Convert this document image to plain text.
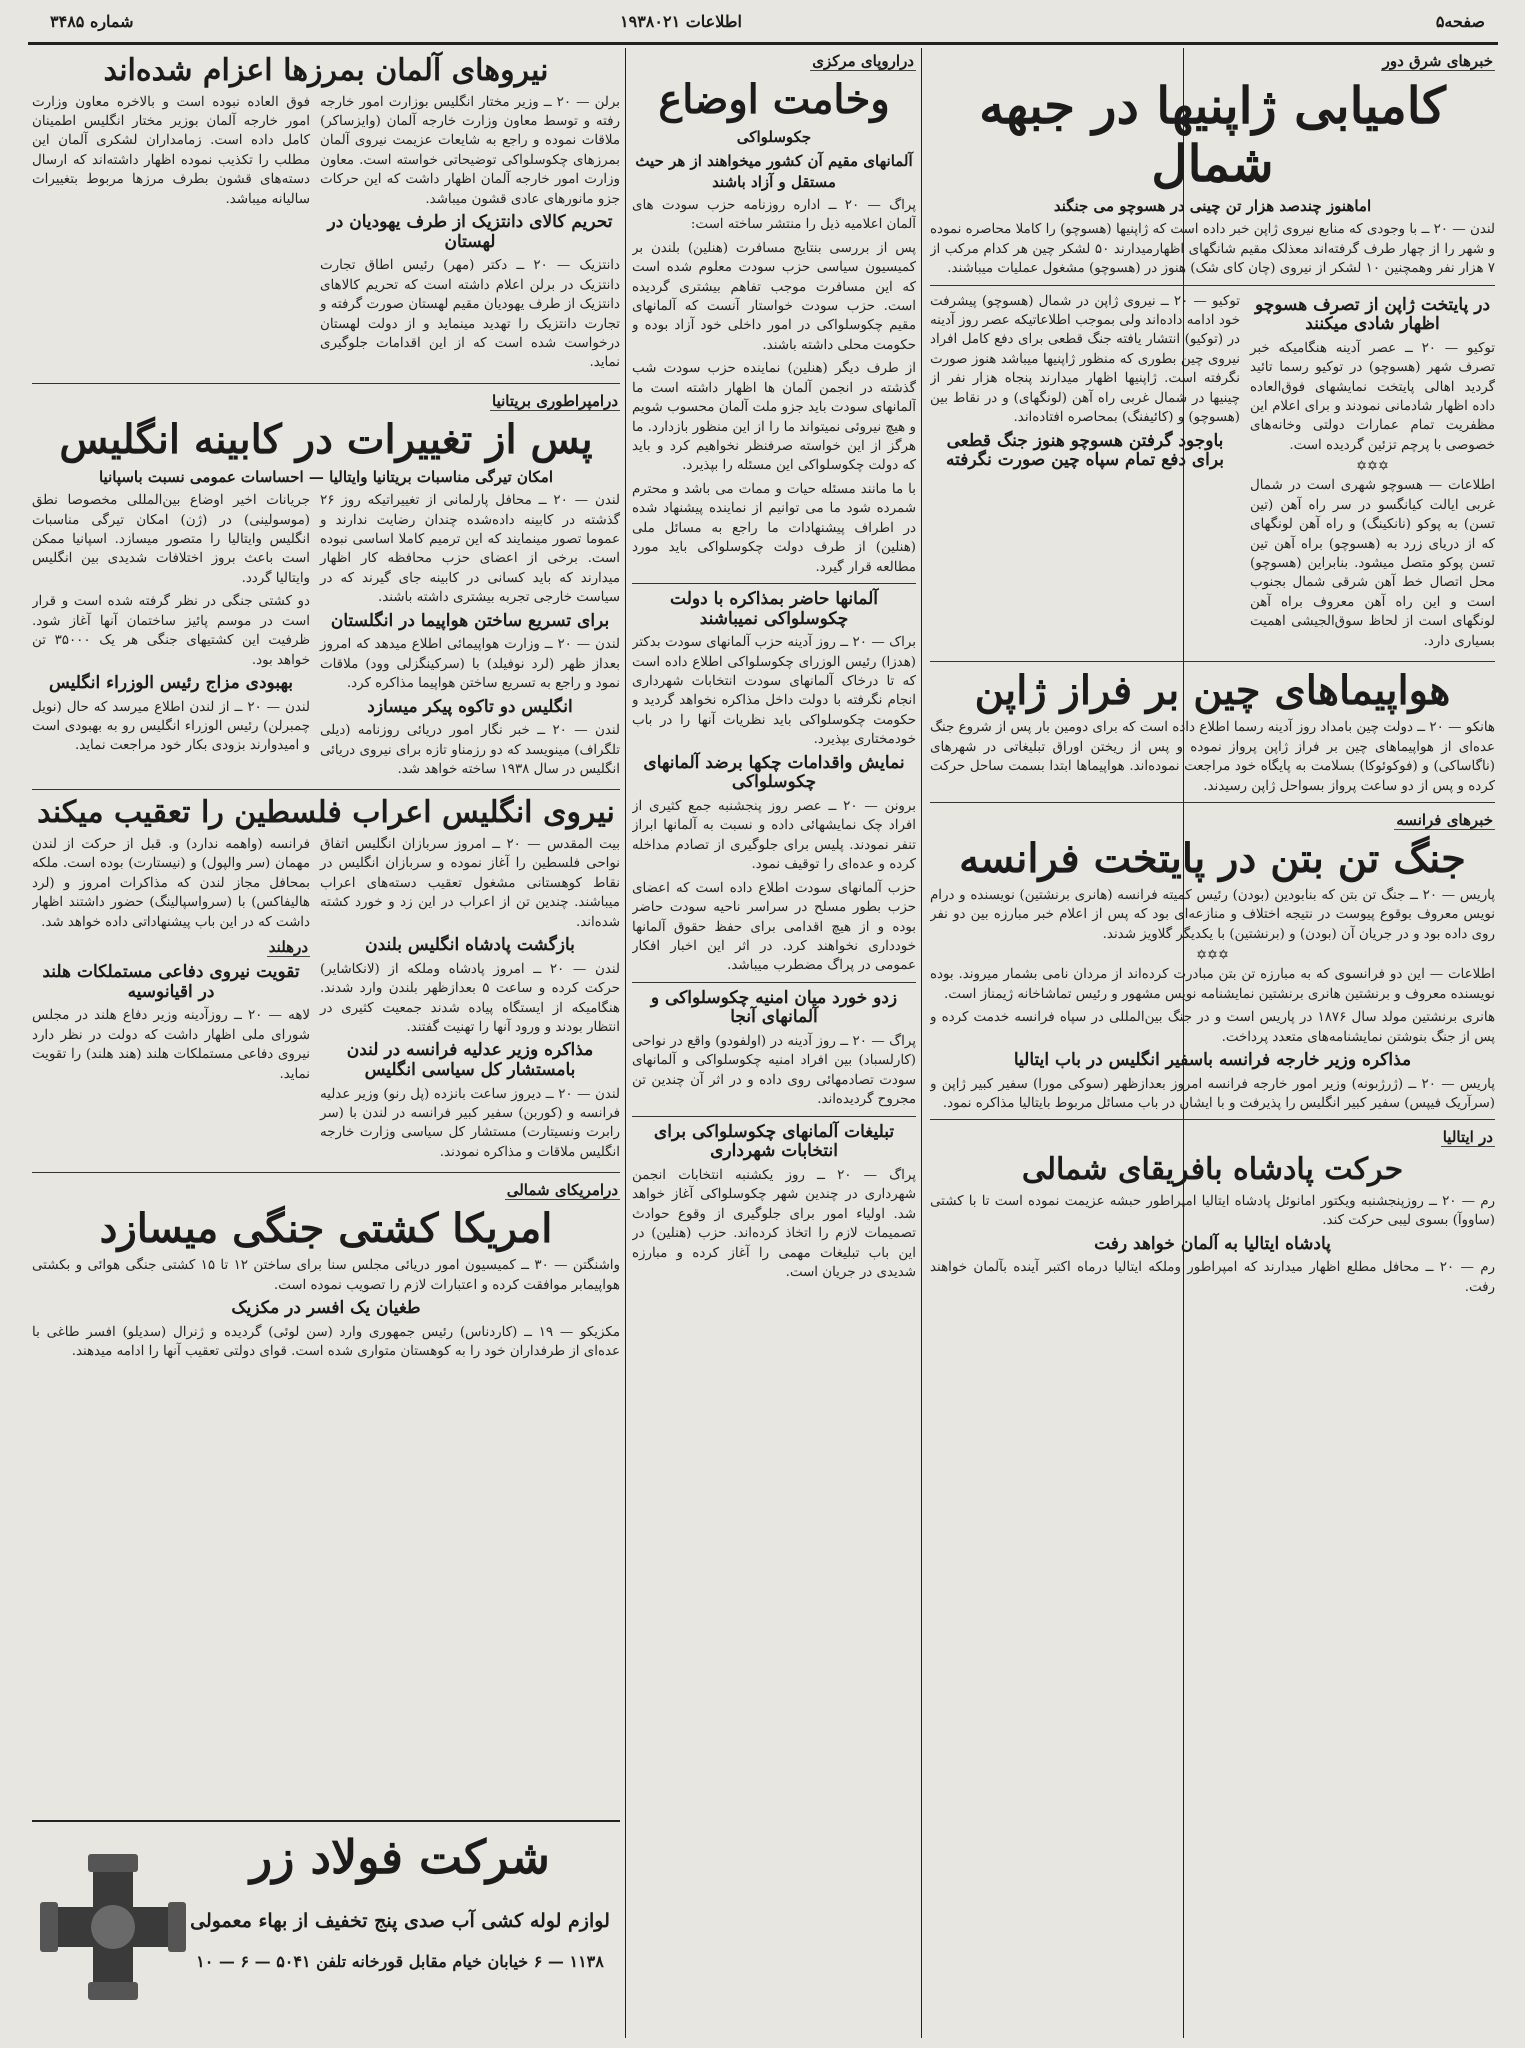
صفحه۵
اطلاعات ۱۹۳۸۰۲۱
شماره ۳۴۸۵
خبرهای شرق دور
کامیابی ژاپنیها در جبهه شمال
اماهنوز چندصد هزار تن چینی در هسوچو می جنگند
لندن — ۲۰ ــ با وجودی که منابع نیروی ژاپن خبر داده است که ژاپنیها (هسوچو) را کاملا محاصره نموده و شهر را از چهار طرف گرفته‌اند معذلک مقیم شانگهای اظهارمیدارند ۵۰ لشکر چین هر کدام مرکب از ۷ هزار نفر وهمچنین ۱۰ لشکر از نیروی (چان کای شک) هنوز در (هسوچو) مشغول عملیات میباشند.
در پایتخت ژاپن از تصرف هسوچو اظهار شادی میکنند
توکیو — ۲۰ ــ عصر آدینه هنگامیکه خبر تصرف شهر (هسوچو) در توکیو رسما تائید گردید اهالی پایتخت نمایشهای فوق‌العاده داده اظهار شادمانی نمودند و برای اعلام این مظفریت تمام عمارات دولتی وخانه‌های خصوصی با پرچم تزئین گردیده است.
✡✡✡
اطلاعات — هسوچو شهری است در شمال غربی ایالت کیانگسو در سر راه آهن (تین تسن) به پوکو (نانکینگ) و راه آهن لونگهای که از دریای زرد به (هسوچو) براه آهن تین تسن پوکو متصل میشود. بنابراین (هسوچو) محل اتصال خط آهن شرقی شمال بجنوب است و این راه آهن معروف براه آهن لونگهای است از لحاظ سوق‌الجیشی اهمیت بسیاری دارد.
توکیو — ۲۰ ــ نیروی ژاپن در شمال (هسوچو) پیشرفت خود ادامه داده‌اند ولی بموجب اطلاعاتیکه عصر روز آدینه در (توکیو) انتشار یافته جنگ قطعی برای دفع کامل افراد نیروی چین بطوری که منظور ژاپنیها میباشد هنوز صورت نگرفته است. ژاپنیها اظهار میدارند پنجاه هزار نفر از چینیها در شمال غربی راه آهن (لونگهای) و در نقاط بین (هسوچو) و (کائیفنگ) بمحاصره افتاده‌اند.
باوجود گرفتن هسوچو هنوز جنگ قطعی برای دفع تمام سپاه چین صورت نگرفته
هواپیماهای چین بر فراز ژاپن
هانکو — ۲۰ ــ دولت چین بامداد روز آدینه رسما اطلاع داده است که برای دومین بار پس از شروع جنگ عده‌ای از هواپیماهای چین بر فراز ژاپن پرواز نموده و پس از ریختن اوراق تبلیغاتی در شهرهای (ناگاساکی) و (فوکوئوکا) بسلامت به پایگاه خود مراجعت نموده‌اند. هواپیماها ابتدا بسمت ساحل حرکت کرده و پس از دو ساعت پرواز بسواحل ژاپن رسیدند.
خبرهای فرانسه
جنگ تن بتن در پایتخت فرانسه
پاریس — ۲۰ ــ جنگ تن بتن که بنابودین (بودن) رئیس کمیته فرانسه (هانری برنشتین) نویسنده و درام نویس معروف بوقوع پیوست در نتیجه اختلاف و منازعه‌ای بود که پس از اعلام خبر مبارزه بین دو نفر روی داده بود و در جریان آن (بودن) و (برنشتین) با یکدیگر گلاویز شدند.
✡✡✡
اطلاعات — این دو فرانسوی که به مبارزه تن بتن مبادرت کرده‌اند از مردان نامی بشمار میروند. بوده نویسنده معروف و برنشتین هانری برنشتین نمایشنامه نویس مشهور و رئیس تماشاخانه ژیمناز است.
هانری برنشتین مولد سال ۱۸۷۶ در پاریس است و در جنگ بین‌المللی در سپاه فرانسه خدمت کرده و پس از جنگ بنوشتن نمایشنامه‌های متعدد پرداخت.
مذاکره وزیر خارجه فرانسه باسفیر انگلیس در باب ایتالیا
پاریس — ۲۰ ــ (ژرژبونه) وزیر امور خارجه فرانسه امروز بعدازظهر (سوکی مورا) سفیر کبیر ژاپن و (سرآریک فیپس) سفیر کبیر انگلیس را پذیرفت و با ایشان در باب مسائل مربوط بایتالیا مذاکره نمود.
در ایتالیا
حرکت پادشاه بافریقای شمالی
رم — ۲۰ ــ روزپنجشنبه ویکتور امانوئل پادشاه ایتالیا امپراطور حبشه عزیمت نموده است تا با کشتی (ساووآ) بسوی لیبی حرکت کند.
پادشاه ایتالیا به آلمان خواهد رفت
رم — ۲۰ ــ محافل مطلع اظهار میدارند که امپراطور وملکه ایتالیا درماه اکتبر آینده بآلمان خواهند رفت.
دراروپای مرکزی
وخامت اوضاع
جکوسلواکی
آلمانهای مقیم آن کشور میخواهند از هر حیث مستقل و آزاد باشند
پراگ — ۲۰ ــ اداره روزنامه حزب سودت های آلمان اعلامیه ذیل را منتشر ساخته است:
پس از بررسی بنتایج مسافرت (هنلین) بلندن بر کمیسیون سیاسی حزب سودت معلوم شده است که این مسافرت موجب تفاهم بیشتری گردیده است. حزب سودت خواستار آنست که آلمانهای مقیم چکوسلواکی در امور داخلی خود آزاد بوده و حکومت محلی داشته باشند.
از طرف دیگر (هنلین) نماینده حزب سودت شب گذشته در انجمن آلمان ها اظهار داشته است ما آلمانهای سودت باید جزو ملت آلمان محسوب شویم و هیچ نیروئی نمیتواند ما را از این منظور بازدارد. ما هرگز از این خواسته صرفنظر نخواهیم کرد و باید که دولت چکوسلواکی این مسئله را بپذیرد.
با ما مانند مسئله حیات و ممات می باشد و محترم شمرده شود ما می توانیم از نماینده پیشنهاد شده در اطراف پیشنهادات ما راجع به مسائل ملی (هنلین) از طرف دولت چکوسلواکی باید مورد مطالعه قرار گیرد.
آلمانها حاضر بمذاکره با دولت چکوسلواکی نمیباشند
براک — ۲۰ ــ روز آدینه حزب آلمانهای سودت بدکتر (هدزا) رئیس الوزرای چکوسلواکی اطلاع داده است که تا درخاک آلمانهای سودت انتخابات شهرداری انجام نگرفته با دولت داخل مذاکره نخواهد گردید و حکومت چکوسلواکی باید نظریات آنها را در باب خودمختاری بپذیرد.
نمایش واقدامات چکها برضد آلمانهای چکوسلواکی
برونن — ۲۰ ــ عصر روز پنجشنبه جمع کثیری از افراد چک نمایشهائی داده و نسبت به آلمانها ابراز تنفر نمودند. پلیس برای جلوگیری از تصادم مداخله کرده و عده‌ای را توقیف نمود.
حزب آلمانهای سودت اطلاع داده است که اعضای حزب بطور مسلح در سراسر ناحیه سودت حاضر بوده و از هیچ اقدامی برای حفظ حقوق آلمانها خودداری نخواهند کرد. در اثر این اخبار افکار عمومی در پراگ مضطرب میباشد.
زدو خورد میان امنیه چکوسلواکی و آلمانهای آنجا
پراگ — ۲۰ ــ روز آدینه در (اولفودو) واقع در نواحی (کارلسباد) بین افراد امنیه چکوسلواکی و آلمانهای سودت تصادمهائی روی داده و در اثر آن چندین تن مجروح گردیده‌اند.
تبلیغات آلمانهای چکوسلواکی برای انتخابات شهرداری
پراگ — ۲۰ ــ روز یکشنبه انتخابات انجمن شهرداری در چندین شهر چکوسلواکی آغاز خواهد شد. اولیاء امور برای جلوگیری از وقوع حوادث تصمیمات لازم را اتخاذ کرده‌اند. حزب (هنلین) در این باب تبلیغات مهمی را آغاز کرده و مبارزه شدیدی در جریان است.
نیروهای آلمان بمرزها اعزام شده‌اند
برلن — ۲۰ ــ وزیر مختار انگلیس بوزارت امور خارجه رفته و توسط معاون وزارت خارجه آلمان (وایزساکر) ملاقات نموده و راجع به شایعات عزیمت نیروی آلمان بمرزهای چکوسلواکی توضیحاتی خواسته است. معاون وزارت امور خارجه آلمان اظهار داشت که این حرکات جزو مانورهای عادی قشون میباشد.
تحریم کالای دانتزیک از طرف یهودیان در لهستان
دانتزیک — ۲۰ ــ دکتر (مهر) رئیس اطاق تجارت دانتزیک در برلن اعلام داشته است که تحریم کالاهای دانتزیک از طرف یهودیان مقیم لهستان صورت گرفته و تجارت دانتزیک را تهدید مینماید و از دولت لهستان درخواست شده است که از این اقدامات جلوگیری نماید.
فوق العاده نبوده است و بالاخره معاون وزارت امور خارجه آلمان بوزیر مختار انگلیس اطمینان کامل داده است. زمامداران لشکری آلمان این مطلب را تکذیب نموده اظهار داشته‌اند که ارسال دسته‌های قشون بطرف مرزها مربوط بتغییرات سالیانه میباشد.
درامپراطوری بریتانیا
پس از تغییرات در کابینه انگلیس
امکان تیرگی مناسبات بریتانیا وایتالیا — احساسات عمومی نسبت باسپانیا
لندن — ۲۰ ــ محافل پارلمانی از تغییراتیکه روز ۲۶ گذشته در کابینه داده‌شده چندان رضایت ندارند و عموما تصور مینمایند که این ترمیم کاملا اساسی نبوده است. برخی از اعضای حزب محافظه کار اظهار میدارند که باید کسانی در کابینه جای گیرند که در سیاست خارجی تجربه بیشتری داشته باشند.
برای تسریع ساختن هواپیما در انگلستان
لندن — ۲۰ ــ وزارت هواپیمائی اطلاع میدهد که امروز بعداز ظهر (لرد نوفیلد) با (سرکینگزلی وود) ملاقات نمود و راجع به تسریع ساختن هواپیما مذاکره کرد.
انگلیس دو تاکوه پیکر میسازد
لندن — ۲۰ ــ خبر نگار امور دریائی روزنامه (دیلی تلگراف) مینویسد که دو رزمناو تازه برای نیروی دریائی انگلیس در سال ۱۹۳۸ ساخته خواهد شد.
جریانات اخیر اوضاع بین‌المللی مخصوصا نطق (موسولینی) در (ژن) امکان تیرگی مناسبات انگلیس وایتالیا را متصور میسازد. اسپانیا ممکن است باعث بروز اختلافات شدیدی بین انگلیس وایتالیا گردد.
دو کشتی جنگی در نظر گرفته شده است و قرار است در موسم پائیز ساختمان آنها آغاز شود. ظرفیت این کشتیهای جنگی هر یک ۳۵۰۰۰ تن خواهد بود.
بهبودی مزاج رئیس الوزراء انگلیس
لندن — ۲۰ ــ از لندن اطلاع میرسد که حال (نویل چمبرلن) رئیس الوزراء انگلیس رو به بهبودی است و امیدوارند بزودی بکار خود مراجعت نماید.
نیروی انگلیس اعراب فلسطین را تعقیب میکند
بیت المقدس — ۲۰ ــ امروز سربازان انگلیس اتفاق نواحی فلسطین را آغاز نموده و سربازان انگلیس در نقاط کوهستانی مشغول تعقیب دسته‌های اعراب میباشند. چندین تن از اعراب در این زد و خورد کشته شده‌اند.
بازگشت پادشاه انگلیس بلندن
لندن — ۲۰ ــ امروز پادشاه وملکه از (لانکاشایر) حرکت کرده و ساعت ۵ بعدازظهر بلندن وارد شدند. هنگامیکه از ایستگاه پیاده شدند جمعیت کثیری در انتظار بودند و ورود آنها را تهنیت گفتند.
مذاکره وزیر عدلیه فرانسه در لندن بامستشار کل سیاسی انگلیس
لندن — ۲۰ ــ دیروز ساعت بانزده (پل رنو) وزیر عدلیه فرانسه و (کوربن) سفیر کبیر فرانسه در لندن با (سر رابرت ونسیتارت) مستشار کل سیاسی وزارت خارجه انگلیس ملاقات و مذاکره نمودند.
فرانسه (واهمه ندارد) و. قبل از حرکت از لندن مهمان (سر والپول) و (نیستارت) بوده است. ملکه بمحافل مجاز لندن که مذاکرات امروز و (لرد هالیفاکس) با (سرواسپالینگ) حضور داشتند اظهار داشت که در این باب پیشنهاداتی داده خواهد شد.
درهلند
تقویت نیروی دفاعی مستملکات هلند در اقیانوسیه
لاهه — ۲۰ ــ روزآدینه وزیر دفاع هلند در مجلس شورای ملی اظهار داشت که دولت در نظر دارد نیروی دفاعی مستملکات هلند (هند هلند) را تقویت نماید.
درامریکای شمالی
امریکا کشتی جنگی میسازد
واشنگتن — ۳۰ ــ کمیسیون امور دریائی مجلس سنا برای ساختن ۱۲ تا ۱۵ کشتی جنگی هوائی و بکشتی هواپیمابر موافقت کرده و اعتبارات لازم را تصویب نموده است.
طغیان یک افسر در مکزیک
مکزیکو — ۱۹ ــ (کاردناس) رئیس جمهوری وارد (سن لوئی) گردیده و ژنرال (سدیلو) افسر طاغی با عده‌ای از طرفداران خود را به کوهستان متواری شده است. قوای دولتی تعقیب آنها را ادامه میدهند.
شرکت فولاد زر
لوازم لوله کشی آب صدی پنج تخفیف از بهاء معمولی
۱۱۳۸ — ۶ خیابان خیام مقابل قورخانه تلفن ۵۰۴۱ — ۶ — ۱۰
